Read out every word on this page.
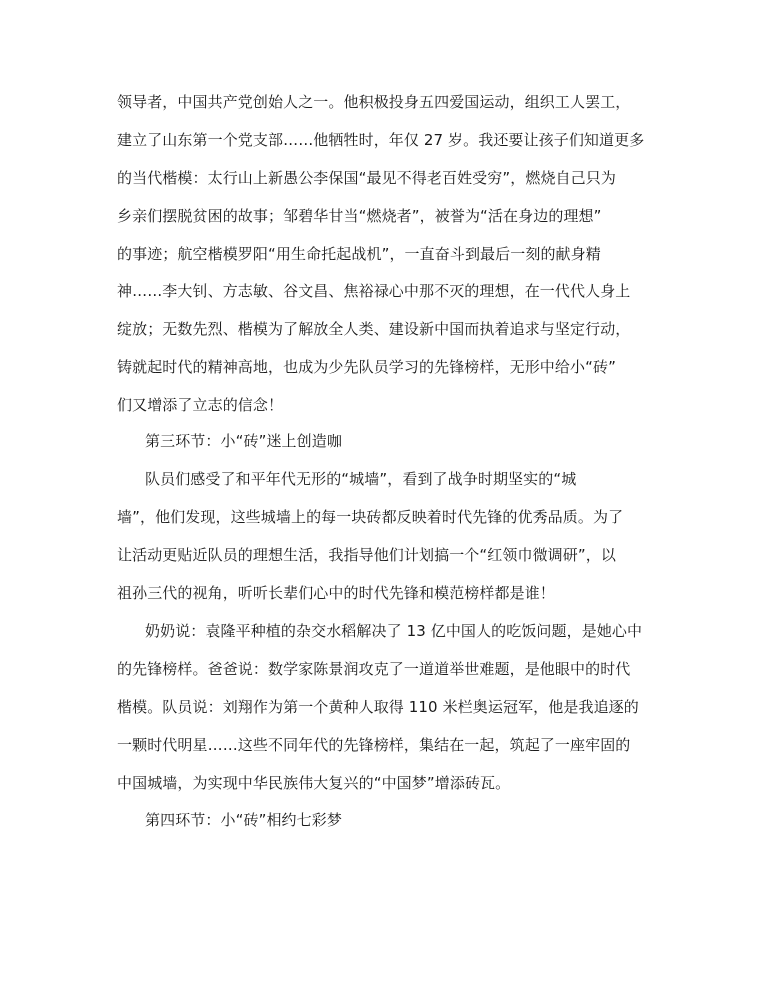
领导者，中国共产党创始人之一。他积极投身五四爱国运动，组织工人罢工，
建立了山东第一个党支部……他牺牲时，年仅 27 岁。我还要让孩子们知道更多
的当代楷模：太行山上新愚公李保国“最见不得老百姓受穷”，燃烧自己只为
乡亲们摆脱贫困的故事；邹碧华甘当“燃烧者”，被誉为“活在身边的理想”
的事迹；航空楷模罗阳“用生命托起战机”，一直奋斗到最后一刻的献身精
神……李大钊、方志敏、谷文昌、焦裕禄心中那不灭的理想，在一代代人身上
绽放；无数先烈、楷模为了解放全人类、建设新中国而执着追求与坚定行动，
铸就起时代的精神高地，也成为少先队员学习的先锋榜样，无形中给小“砖”
们又增添了立志的信念！
第三环节：小“砖”迷上创造咖
队员们感受了和平年代无形的“城墙”，看到了战争时期坚实的“城
墙”，他们发现，这些城墙上的每一块砖都反映着时代先锋的优秀品质。为了
让活动更贴近队员的理想生活，我指导他们计划搞一个“红领巾微调研”，以
祖孙三代的视角，听听长辈们心中的时代先锋和模范榜样都是谁！
奶奶说：袁隆平种植的杂交水稻解决了 13 亿中国人的吃饭问题，是她心中
的先锋榜样。爸爸说：数学家陈景润攻克了一道道举世难题，是他眼中的时代
楷模。队员说：刘翔作为第一个黄种人取得 110 米栏奥运冠军，他是我追逐的
一颗时代明星……这些不同年代的先锋榜样，集结在一起，筑起了一座牢固的
中国城墙，为实现中华民族伟大复兴的“中国梦”增添砖瓦。
第四环节：小“砖”相约七彩梦
